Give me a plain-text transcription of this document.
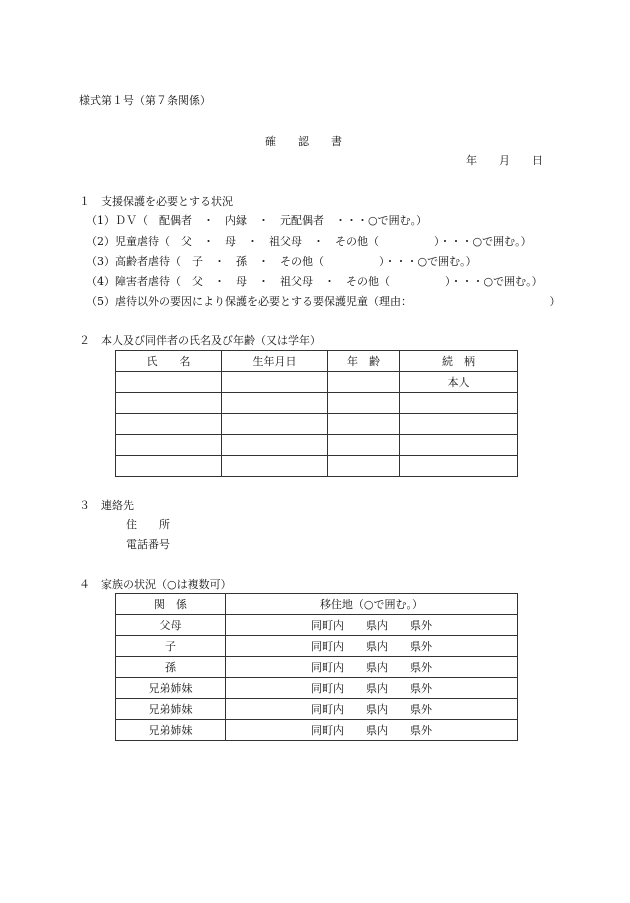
様式第１号（第７条関係）
確　　認　　書
年　　月　　日
１　支援保護を必要とする状況
（1）ＤＶ（　配偶者　・　内縁　・　元配偶者　・・・○で囲む。）
（2）児童虐待（　父　・　母　・　祖父母　・　その他（　　　　　）・・・○で囲む。）
（3）高齢者虐待（　子　・　孫　・　その他（　　　　　）・・・○で囲む。）
（4）障害者虐待（　父　・　母　・　祖父母　・　その他（　　　　　）・・・○で囲む。）
（5）虐待以外の要因により保護を必要とする要保護児童（理由：　　　　　　　　　　　　　）
２　本人及び同伴者の氏名及び年齢（又は学年）
氏　　名	生年月日	年　齢	続　柄
			本人

３　連絡先
住　　所
電話番号
４　家族の状況（○は複数可）
関　係	移住地（○で囲む。）
父母	同町内　　県内　　県外
子	同町内　　県内　　県外
孫	同町内　　県内　　県外
兄弟姉妹	同町内　　県内　　県外
兄弟姉妹	同町内　　県内　　県外
兄弟姉妹	同町内　　県内　　県外
